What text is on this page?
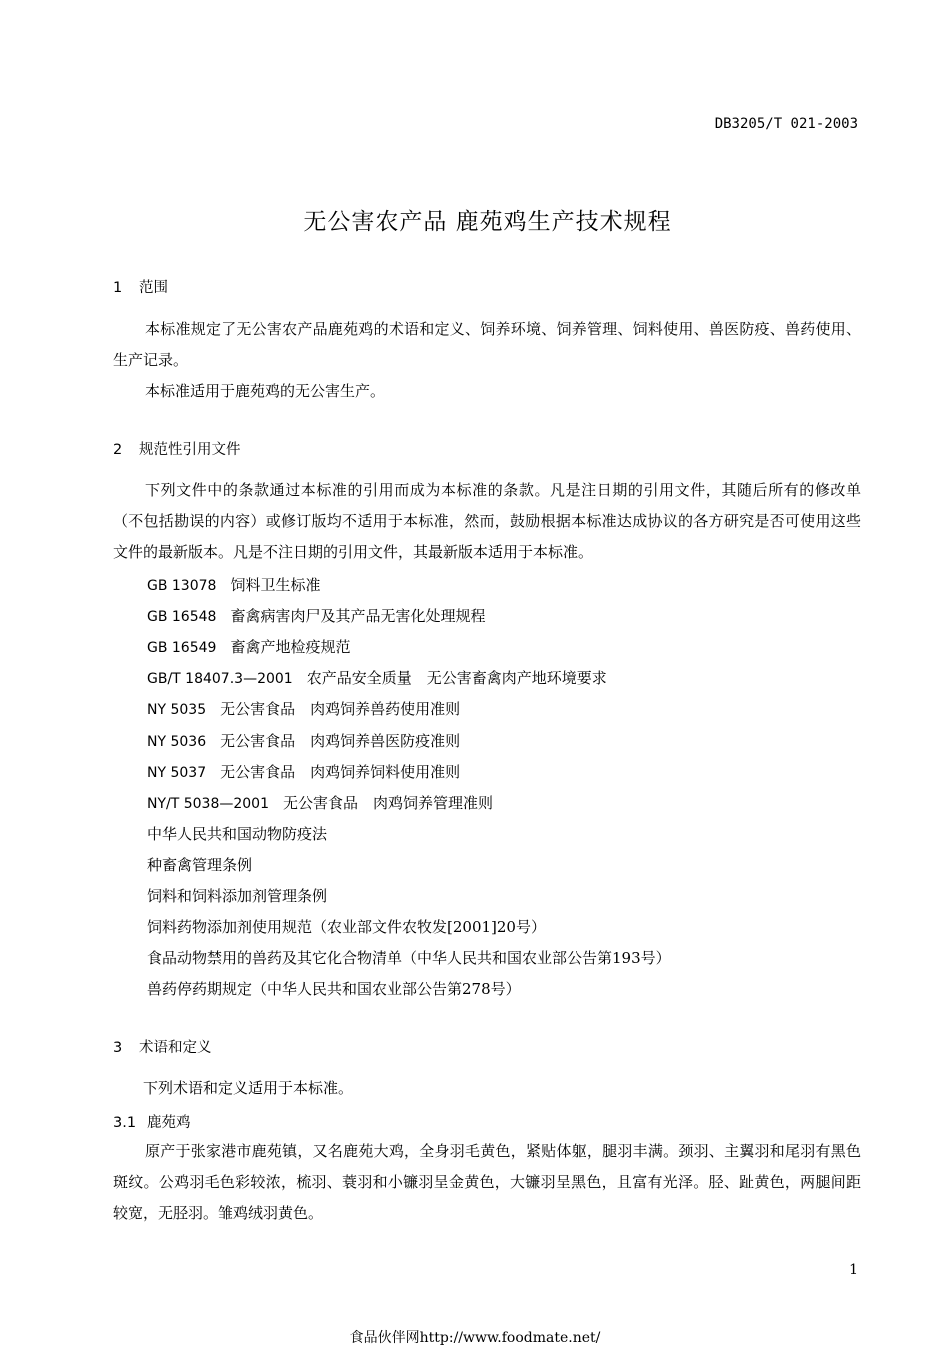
DB3205/T 021-2003
无公害农产品 鹿苑鸡生产技术规程
1 范围
本标准规定了无公害农产品鹿苑鸡的术语和定义、饲养环境、饲养管理、饲料使用、兽医防疫、兽药使用、生产记录。
本标准适用于鹿苑鸡的无公害生产。
2 规范性引用文件
下列文件中的条款通过本标准的引用而成为本标准的条款。凡是注日期的引用文件，其随后所有的修改单（不包括勘误的内容）或修订版均不适用于本标准，然而，鼓励根据本标准达成协议的各方研究是否可使用这些文件的最新版本。凡是不注日期的引用文件，其最新版本适用于本标准。
GB 13078 饲料卫生标准
GB 16548 畜禽病害肉尸及其产品无害化处理规程
GB 16549 畜禽产地检疫规范
GB/T 18407.3—2001 农产品安全质量　无公害畜禽肉产地环境要求
NY 5035 无公害食品　肉鸡饲养兽药使用准则
NY 5036 无公害食品　肉鸡饲养兽医防疫准则
NY 5037 无公害食品　肉鸡饲养饲料使用准则
NY/T 5038—2001 无公害食品　肉鸡饲养管理准则
中华人民共和国动物防疫法
种畜禽管理条例
饲料和饲料添加剂管理条例
饲料药物添加剂使用规范（农业部文件农牧发[2001]20号）
食品动物禁用的兽药及其它化合物清单（中华人民共和国农业部公告第193号）
兽药停药期规定（中华人民共和国农业部公告第278号）
3 术语和定义
下列术语和定义适用于本标准。
3.1 鹿苑鸡
原产于张家港市鹿苑镇，又名鹿苑大鸡，全身羽毛黄色，紧贴体躯，腿羽丰满。颈羽、主翼羽和尾羽有黑色斑纹。公鸡羽毛色彩较浓，梳羽、蓑羽和小镰羽呈金黄色，大镰羽呈黑色，且富有光泽。胫、趾黄色，两腿间距较宽，无胫羽。雏鸡绒羽黄色。
1
食品伙伴网http://www.foodmate.net/
